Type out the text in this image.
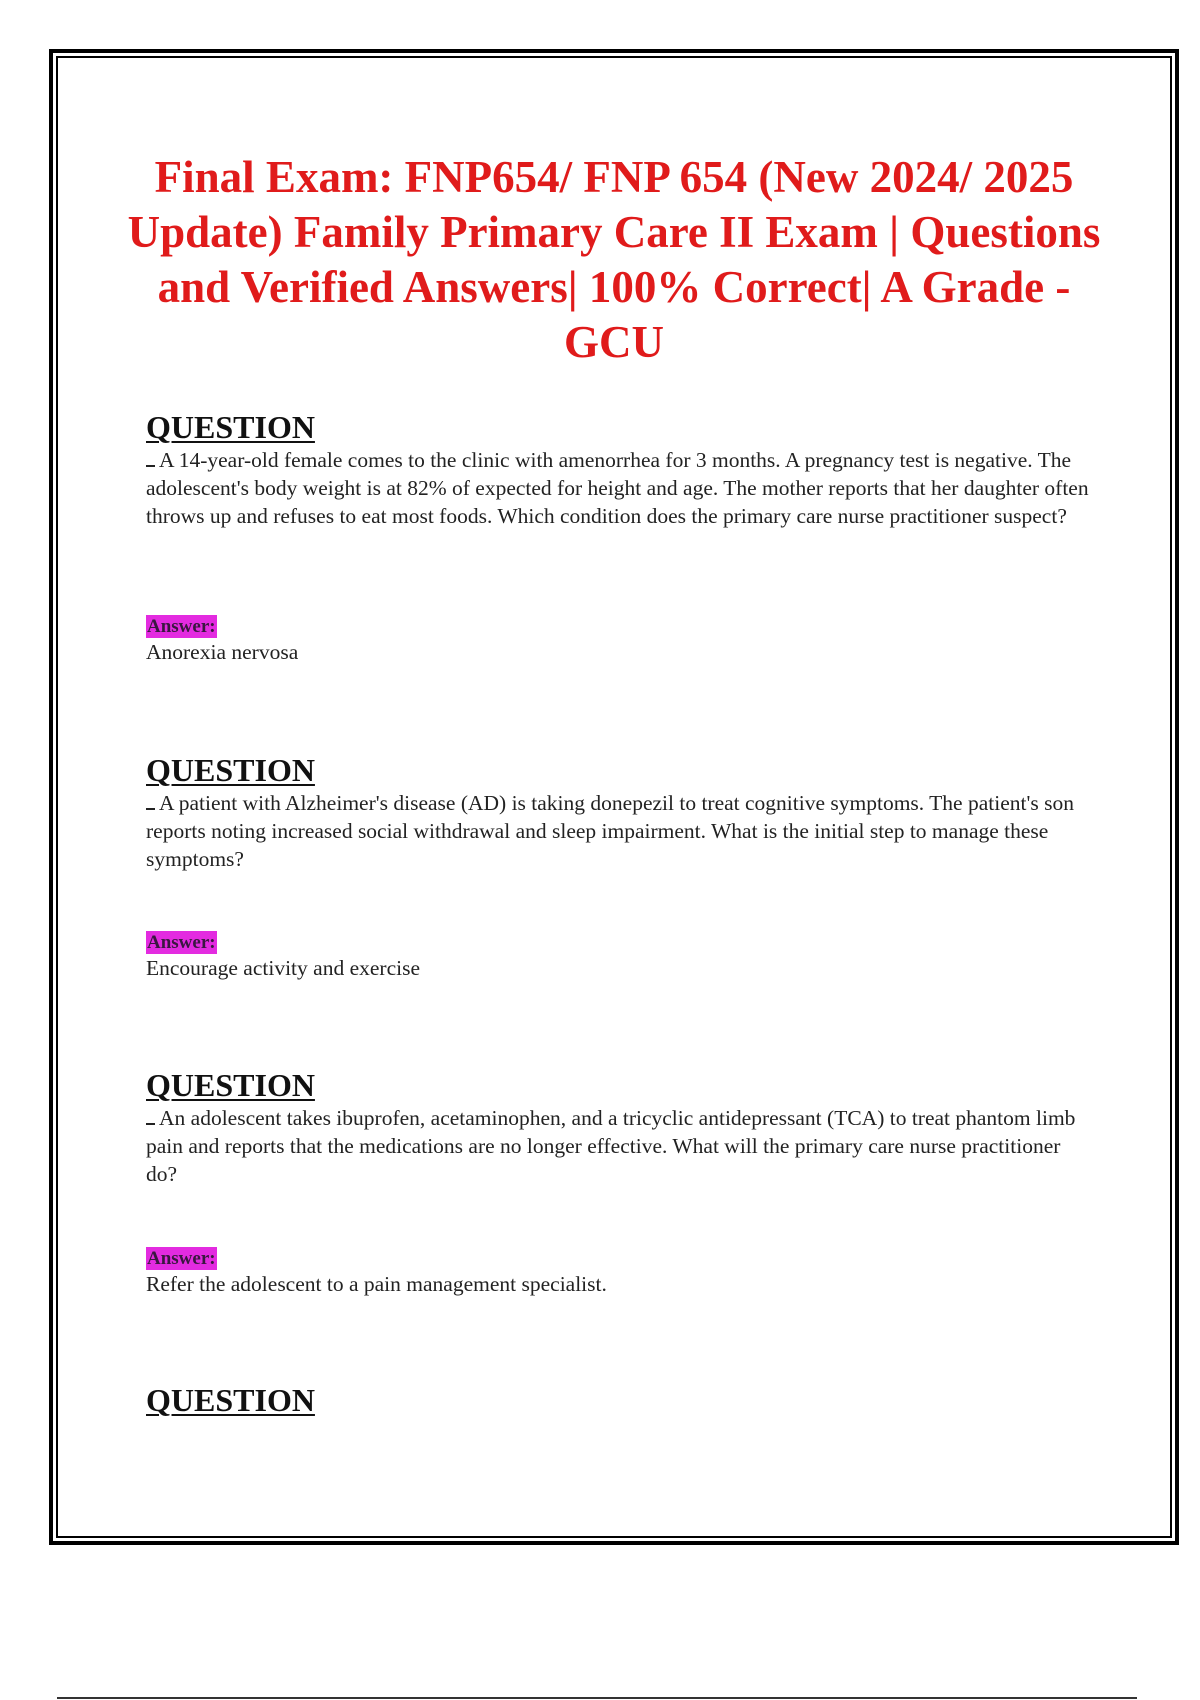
Final Exam: FNP654/ FNP 654 (New 2024/ 2025 Update) Family Primary Care II Exam | Questions and Verified Answers| 100% Correct| A Grade - GCU
QUESTION

A 14-year-old female comes to the clinic with amenorrhea for 3 months. A pregnancy test is negative. The adolescent's body weight is at 82% of expected for height and age. The mother reports that her daughter often throws up and refuses to eat most foods. Which condition does the primary care nurse practitioner suspect?

Answer:

Anorexia nervosa

QUESTION

A patient with Alzheimer's disease (AD) is taking donepezil to treat cognitive symptoms. The patient's son reports noting increased social withdrawal and sleep impairment. What is the initial step to manage these symptoms?

Answer:

Encourage activity and exercise

QUESTION

An adolescent takes ibuprofen, acetaminophen, and a tricyclic antidepressant (TCA) to treat phantom limb pain and reports that the medications are no longer effective. What will the primary care nurse practitioner do?

Answer:

Refer the adolescent to a pain management specialist.

QUESTION
